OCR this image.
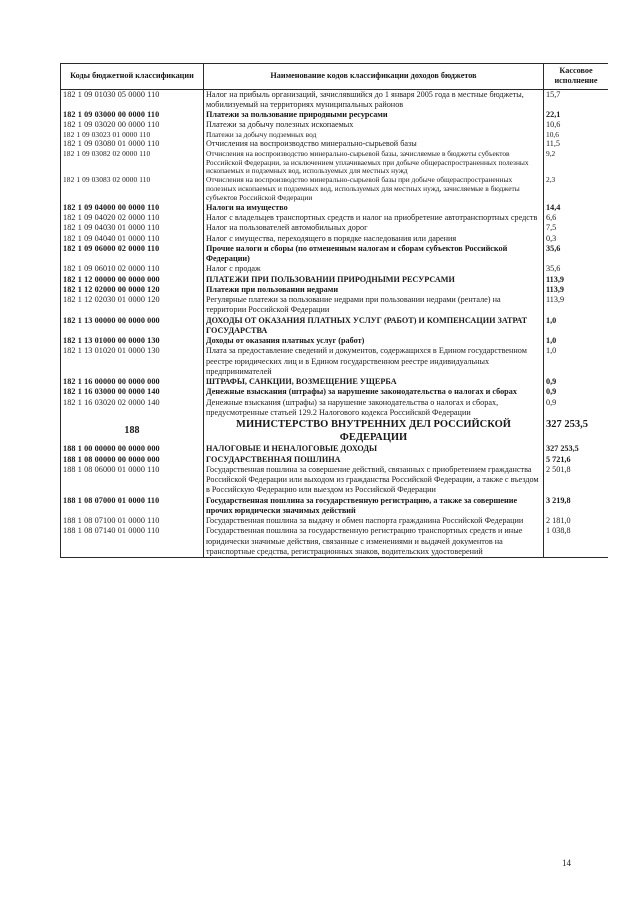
Коды бюджетной классификации	Наименование кодов классификации доходов бюджетов	Кассовое исполнение
182 1 09 01030 05 0000 110	Налог на прибыль организаций, зачислявшийся до 1 января 2005 года в местные бюджеты, мобилизуемый на территориях муниципальных районов	15,7
182 1 09 03000 00 0000 110	Платежи за пользование природными ресурсами	22,1
182 1 09 03020 00 0000 110	Платежи за добычу полезных ископаемых	10,6
182 1 09 03023 01 0000 110	Платежи за добычу подземных вод	10,6
182 1 09 03080 01 0000 110	Отчисления на воспроизводство минерально-сырьевой базы	11,5
182 1 09 03082 02 0000 110	Отчисления на воспроизводство минерально-сырьевой базы, зачисляемые в бюджеты субъектов Российской Федерации, за исключением уплачиваемых при добыче общераспространенных полезных ископаемых и подземных вод, используемых для местных нужд	9,2
182 1 09 03083 02 0000 110	Отчисления на воспроизводство минерально-сырьевой базы при добыче общераспространенных полезных ископаемых и подземных вод, используемых для местных нужд, зачисляемые в бюджеты субъектов Российской Федерации	2,3
182 1 09 04000 00 0000 110	Налоги на имущество	14,4
182 1 09 04020 02 0000 110	Налог с владельцев транспортных средств и налог на приобретение автотранспортных средств	6,6
182 1 09 04030 01 0000 110	Налог на пользователей автомобильных дорог	7,5
182 1 09 04040 01 0000 110	Налог с имущества, переходящего в порядке наследования или дарения	0,3
182 1 09 06000 02 0000 110	Прочие налоги и сборы (по отмененным налогам и сборам субъектов Российской Федерации)	35,6
182 1 09 06010 02 0000 110	Налог с продаж	35,6
182 1 12 00000 00 0000 000	ПЛАТЕЖИ ПРИ ПОЛЬЗОВАНИИ ПРИРОДНЫМИ РЕСУРСАМИ	113,9
182 1 12 02000 00 0000 120	Платежи при пользовании недрами	113,9
182 1 12 02030 01 0000 120	Регулярные платежи за пользование недрами при пользовании недрами (рентале) на территории Российской Федерации	113,9
182 1 13 00000 00 0000 000	ДОХОДЫ ОТ ОКАЗАНИЯ ПЛАТНЫХ УСЛУГ (РАБОТ) И КОМПЕНСАЦИИ ЗАТРАТ ГОСУДАРСТВА	1,0
182 1 13 01000 00 0000 130	Доходы от оказания платных услуг (работ)	1,0
182 1 13 01020 01 0000 130	Плата за предоставление сведений и документов, содержащихся в Едином государственном реестре юридических лиц и в Едином государственном реестре индивидуальных предпринимателей	1,0
182 1 16 00000 00 0000 000	ШТРАФЫ, САНКЦИИ, ВОЗМЕЩЕНИЕ УЩЕРБА	0,9
182 1 16 03000 00 0000 140	Денежные взыскания (штрафы) за нарушение законодательства о налогах и сборах	0,9
182 1 16 03020 02 0000 140	Денежные взыскания (штрафы) за нарушение законодательства о налогах и сборах, предусмотренные статьей 129.2 Налогового кодекса Российской Федерации	0,9
188	МИНИСТЕРСТВО ВНУТРЕННИХ ДЕЛ РОССИЙСКОЙ ФЕДЕРАЦИИ	327 253,5
188 1 00 00000 00 0000 000	НАЛОГОВЫЕ И НЕНАЛОГОВЫЕ ДОХОДЫ	327 253,5
188 1 08 00000 00 0000 000	ГОСУДАРСТВЕННАЯ ПОШЛИНА	5 721,6
188 1 08 06000 01 0000 110	Государственная пошлина за совершение действий, связанных с приобретением гражданства Российской Федерации или выходом из гражданства Российской Федерации, а также с въездом в Российскую Федерацию или выездом из Российской Федерации	2 501,8
188 1 08 07000 01 0000 110	Государственная пошлина за государственную регистрацию, а также за совершение прочих юридически значимых действий	3 219,8
188 1 08 07100 01 0000 110	Государственная пошлина за выдачу и обмен паспорта гражданина Российской Федерации	2 181,0
188 1 08 07140 01 0000 110	Государственная пошлина за государственную регистрацию транспортных средств и иные юридически значимые действия, связанные с изменениями и выдачей документов на транспортные средства, регистрационных знаков, водительских удостоверений	1 038,8
14
